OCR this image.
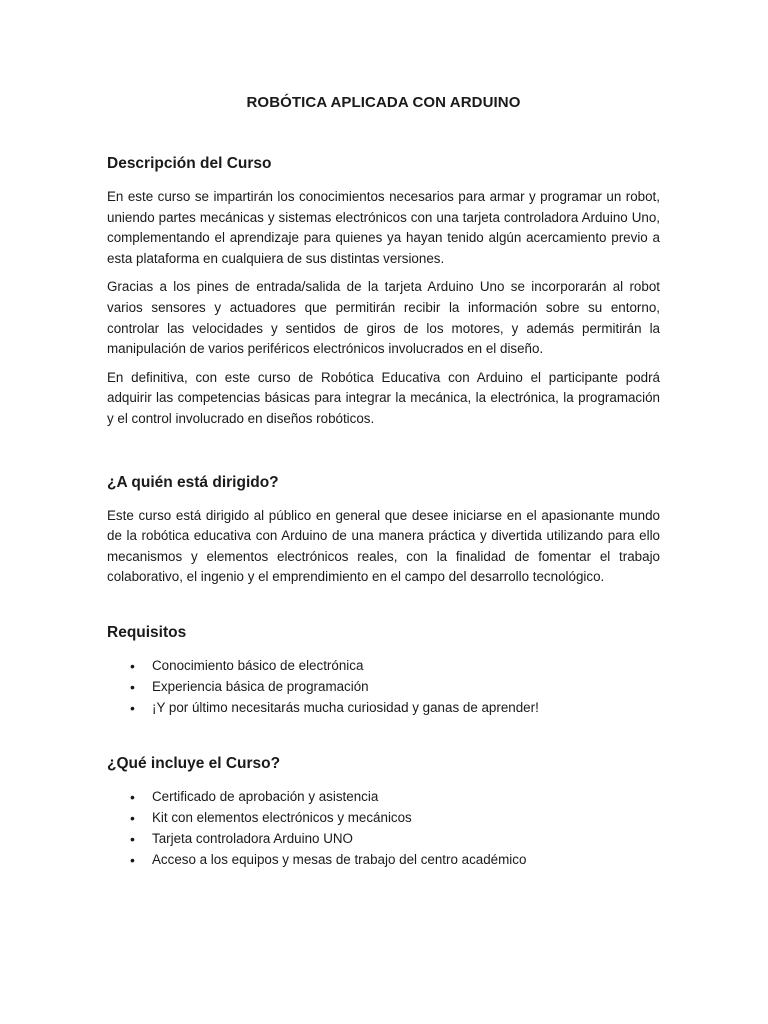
ROBÓTICA APLICADA CON ARDUINO
Descripción del Curso

En este curso se impartirán los conocimientos necesarios para armar y programar un robot, uniendo partes mecánicas y sistemas electrónicos con una tarjeta controladora Arduino Uno, complementando el aprendizaje para quienes ya hayan tenido algún acercamiento previo a esta plataforma en cualquiera de sus distintas versiones.

Gracias a los pines de entrada/salida de la tarjeta Arduino Uno se incorporarán al robot varios sensores y actuadores que permitirán recibir la información sobre su entorno, controlar las velocidades y sentidos de giros de los motores, y además permitirán la manipulación de varios periféricos electrónicos involucrados en el diseño.

En definitiva, con este curso de Robótica Educativa con Arduino el participante podrá adquirir las competencias básicas para integrar la mecánica, la electrónica, la programación y el control involucrado en diseños robóticos.

¿A quién está dirigido?

Este curso está dirigido al público en general que desee iniciarse en el apasionante mundo de la robótica educativa con Arduino de una manera práctica y divertida utilizando para ello mecanismos y elementos electrónicos reales, con la finalidad de fomentar el trabajo colaborativo, el ingenio y el emprendimiento en el campo del desarrollo tecnológico.

Requisitos
• Conocimiento básico de electrónica
• Experiencia básica de programación
• ¡Y por último necesitarás mucha curiosidad y ganas de aprender!
¿Qué incluye el Curso?
• Certificado de aprobación y asistencia
• Kit con elementos electrónicos y mecánicos
• Tarjeta controladora Arduino UNO
• Acceso a los equipos y mesas de trabajo del centro académico
